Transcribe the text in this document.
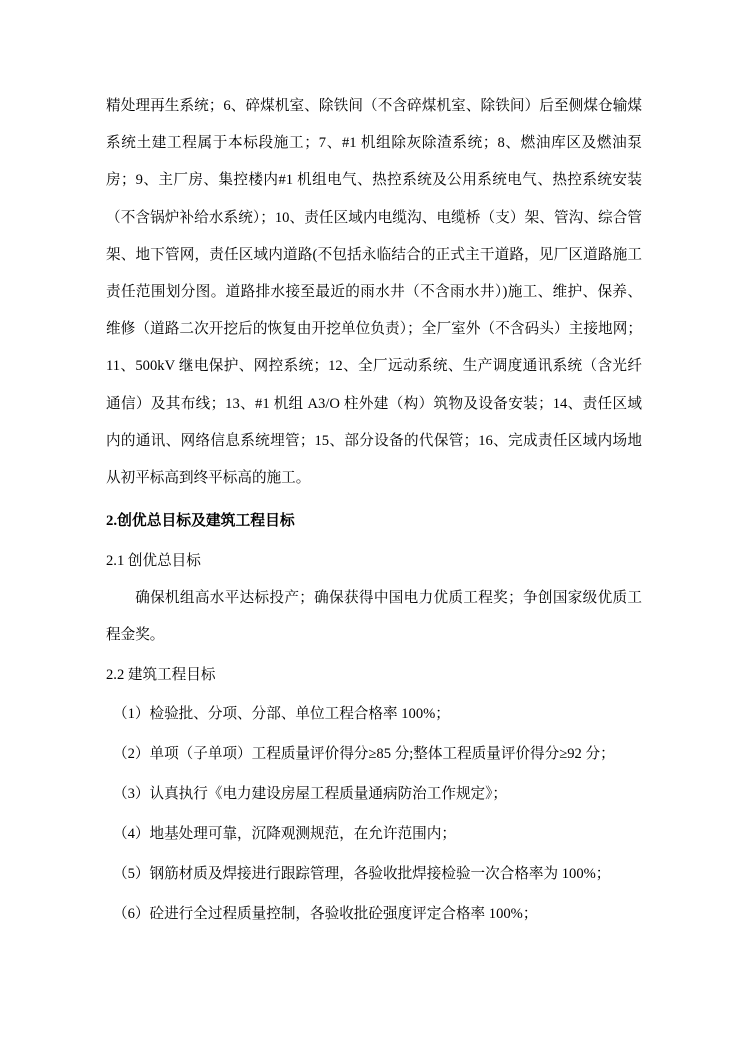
精处理再生系统；6、碎煤机室、除铁间（不含碎煤机室、除铁间）后至侧煤仓输煤系统土建工程属于本标段施工；7、#1 机组除灰除渣系统；8、燃油库区及燃油泵房；9、主厂房、集控楼内#1 机组电气、热控系统及公用系统电气、热控系统安装（不含锅炉补给水系统）；10、责任区域内电缆沟、电缆桥（支）架、管沟、综合管架、地下管网，责任区域内道路(不包括永临结合的正式主干道路，见厂区道路施工责任范围划分图。道路排水接至最近的雨水井（不含雨水井）)施工、维护、保养、维修（道路二次开挖后的恢复由开挖单位负责）；全厂室外（不含码头）主接地网；11、500kV 继电保护、网控系统；12、全厂远动系统、生产调度通讯系统（含光纤通信）及其布线；13、#1 机组 A3/O 柱外建（构）筑物及设备安装；14、责任区域内的通讯、网络信息系统埋管；15、部分设备的代保管；16、完成责任区域内场地从初平标高到终平标高的施工。

2.创优总目标及建筑工程目标

2.1 创优总目标

确保机组高水平达标投产；确保获得中国电力优质工程奖；争创国家级优质工程金奖。

2.2 建筑工程目标

（1）检验批、分项、分部、单位工程合格率 100%；

（2）单项（子单项）工程质量评价得分≥85 分;整体工程质量评价得分≥92 分；

（3）认真执行《电力建设房屋工程质量通病防治工作规定》；

（4）地基处理可靠，沉降观测规范，在允许范围内；

（5）钢筋材质及焊接进行跟踪管理，各验收批焊接检验一次合格率为 100%；

（6）砼进行全过程质量控制，各验收批砼强度评定合格率 100%；
